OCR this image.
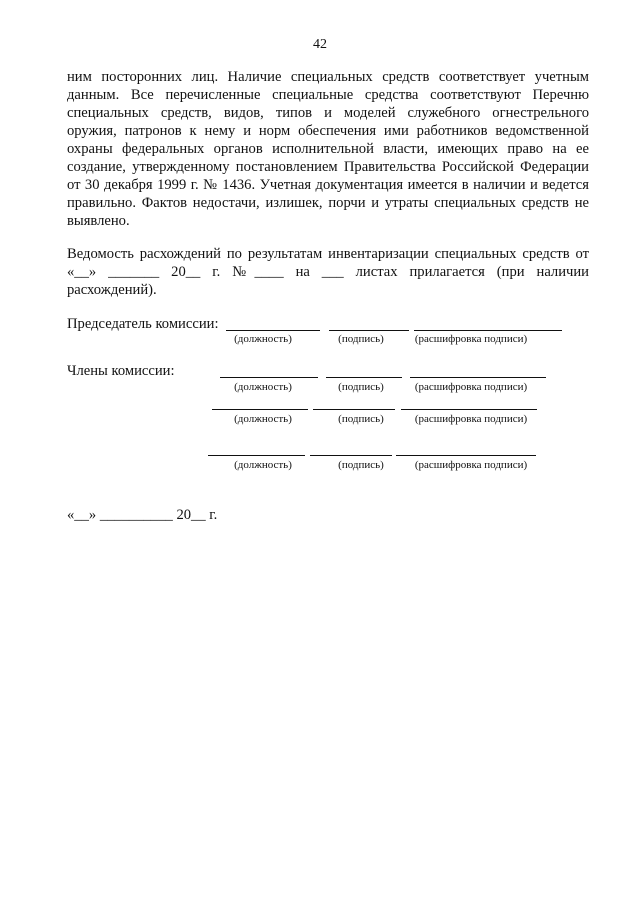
42
ним посторонних лиц. Наличие специальных средств соответствует учетным
данным. Все перечисленные специальные средства соответствуют Перечню
специальных средств, видов, типов и моделей служебного огнестрельного
оружия, патронов к нему и норм обеспечения ими работников ведомственной
охраны федеральных органов исполнительной власти, имеющих право на ее
создание, утвержденному постановлением Правительства Российской Федерации
от 30 декабря 1999 г. № 1436. Учетная документация имеется в наличии и ведется
правильно. Фактов недостачи, излишек, порчи и утраты специальных средств не
выявлено.
Ведомость расхождений по результатам инвентаризации специальных средств от
«__» _______ 20__ г. №____ на ___ листах прилагается (при наличии
расхождений).
Председатель комиссии:
(должность)	(подпись)	(расшифровка подписи)
Члены комиссии:
(должность)	(подпись)	(расшифровка подписи)
(должность)	(подпись)	(расшифровка подписи)
(должность)	(подпись)	(расшифровка подписи)
«__» __________ 20__ г.
